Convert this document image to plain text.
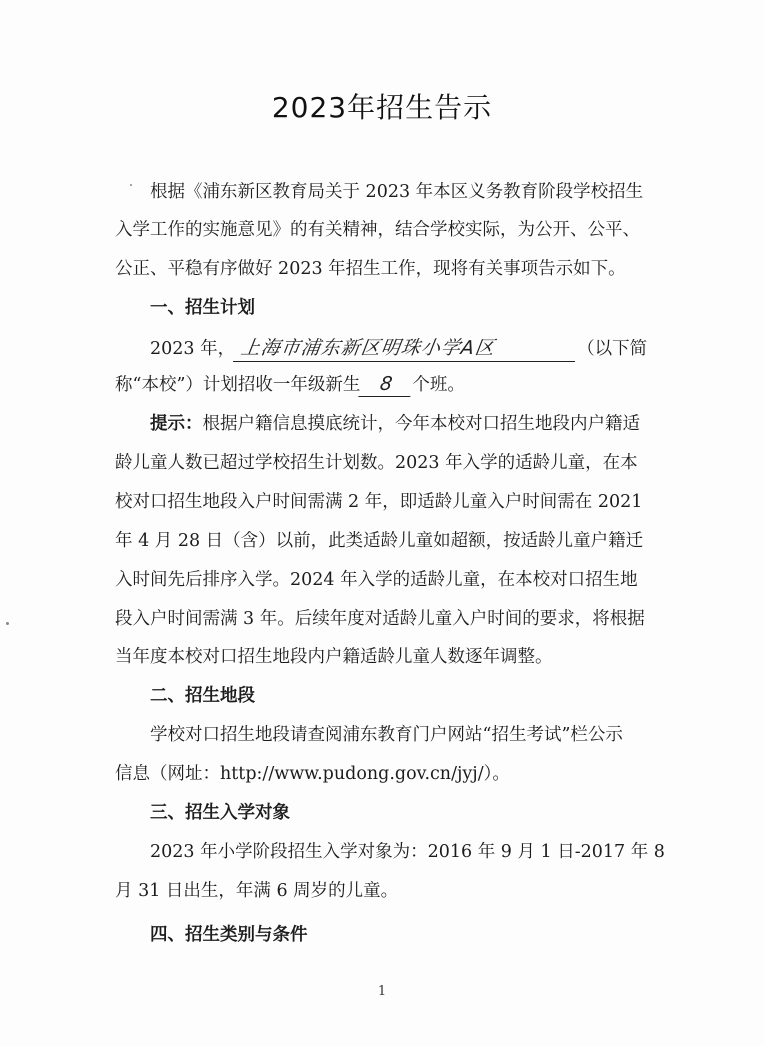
2023年招生告示
根据《浦东新区教育局关于 2023 年本区义务教育阶段学校招生
入学工作的实施意见》的有关精神，结合学校实际，为公开、公平、
公正、平稳有序做好 2023 年招生工作，现将有关事项告示如下。
一、招生计划
2023 年， 上海市浦东新区明珠小学A区	（以下简
称“本校”）计划招收一年级新生 8 个班。
提示：根据户籍信息摸底统计，今年本校对口招生地段内户籍适
龄儿童人数已超过学校招生计划数。2023 年入学的适龄儿童，在本
校对口招生地段入户时间需满 2 年，即适龄儿童入户时间需在 2021
年 4 月 28 日（含）以前，此类适龄儿童如超额，按适龄儿童户籍迁
入时间先后排序入学。2024 年入学的适龄儿童，在本校对口招生地
段入户时间需满 3 年。后续年度对适龄儿童入户时间的要求，将根据
当年度本校对口招生地段内户籍适龄儿童人数逐年调整。
二、招生地段
学校对口招生地段请查阅浦东教育门户网站“招生考试”栏公示
信息（网址：http://www.pudong.gov.cn/jyj/）。
三、招生入学对象
2023 年小学阶段招生入学对象为：2016 年 9 月 1 日-2017 年 8
月 31 日出生，年满 6 周岁的儿童。
四、招生类别与条件
1
